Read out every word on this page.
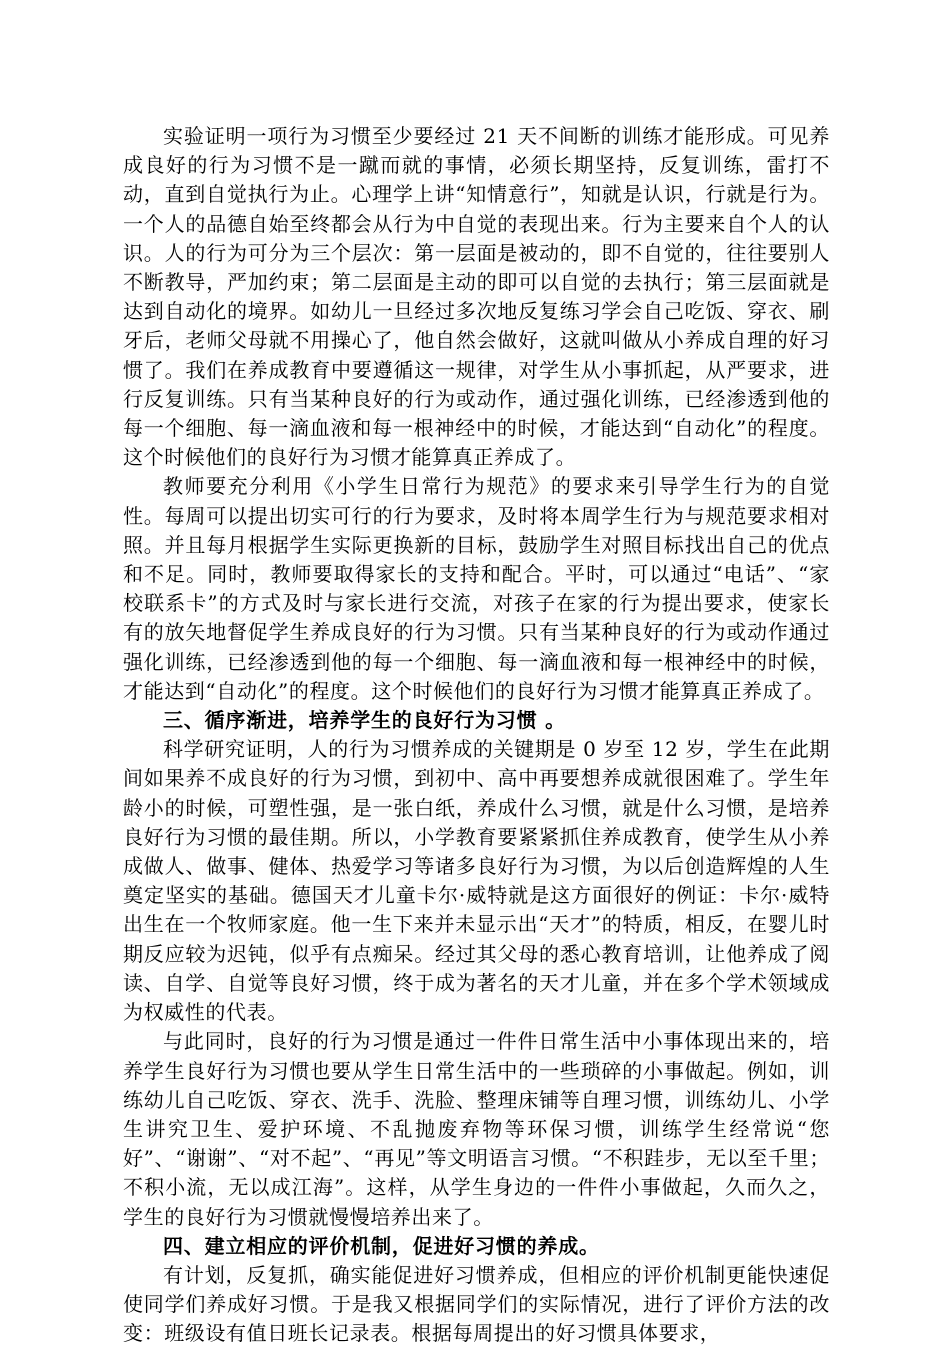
实验证明一项行为习惯至少要经过 21 天不间断的训练才能形成。可见养成良好的行为习惯不是一蹴而就的事情，必须长期坚持，反复训练，雷打不动，直到自觉执行为止。心理学上讲“知情意行”，知就是认识，行就是行为。一个人的品德自始至终都会从行为中自觉的表现出来。行为主要来自个人的认识。人的行为可分为三个层次：第一层面是被动的，即不自觉的，往往要别人不断教导，严加约束；第二层面是主动的即可以自觉的去执行；第三层面就是达到自动化的境界。如幼儿一旦经过多次地反复练习学会自己吃饭、穿衣、刷牙后，老师父母就不用操心了，他自然会做好，这就叫做从小养成自理的好习惯了。我们在养成教育中要遵循这一规律，对学生从小事抓起，从严要求，进行反复训练。只有当某种良好的行为或动作，通过强化训练，已经渗透到他的每一个细胞、每一滴血液和每一根神经中的时候，才能达到“自动化”的程度。这个时候他们的良好行为习惯才能算真正养成了。

教师要充分利用《小学生日常行为规范》的要求来引导学生行为的自觉性。每周可以提出切实可行的行为要求，及时将本周学生行为与规范要求相对照。并且每月根据学生实际更换新的目标，鼓励学生对照目标找出自己的优点和不足。同时，教师要取得家长的支持和配合。平时，可以通过“电话”、“家校联系卡”的方式及时与家长进行交流，对孩子在家的行为提出要求，使家长有的放矢地督促学生养成良好的行为习惯。只有当某种良好的行为或动作通过强化训练，已经渗透到他的每一个细胞、每一滴血液和每一根神经中的时候，才能达到“自动化”的程度。这个时候他们的良好行为习惯才能算真正养成了。

三、循序渐进，培养学生的良好行为习惯 。

科学研究证明，人的行为习惯养成的关键期是 0 岁至 12 岁，学生在此期间如果养不成良好的行为习惯，到初中、高中再要想养成就很困难了。学生年龄小的时候，可塑性强，是一张白纸，养成什么习惯，就是什么习惯，是培养良好行为习惯的最佳期。所以，小学教育要紧紧抓住养成教育，使学生从小养成做人、做事、健体、热爱学习等诸多良好行为习惯，为以后创造辉煌的人生奠定坚实的基础。德国天才儿童卡尔·威特就是这方面很好的例证：卡尔·威特出生在一个牧师家庭。他一生下来并未显示出“天才”的特质，相反，在婴儿时期反应较为迟钝，似乎有点痴呆。经过其父母的悉心教育培训，让他养成了阅读、自学、自觉等良好习惯，终于成为著名的天才儿童，并在多个学术领域成为权威性的代表。

与此同时，良好的行为习惯是通过一件件日常生活中小事体现出来的，培养学生良好行为习惯也要从学生日常生活中的一些琐碎的小事做起。例如，训练幼儿自己吃饭、穿衣、洗手、洗脸、整理床铺等自理习惯，训练幼儿、小学生讲究卫生、爱护环境、不乱抛废弃物等环保习惯，训练学生经常说“您好”、“谢谢”、“对不起”、“再见”等文明语言习惯。“不积跬步，无以至千里；不积小流，无以成江海”。这样，从学生身边的一件件小事做起，久而久之，学生的良好行为习惯就慢慢培养出来了。

四、建立相应的评价机制，促进好习惯的养成。

有计划，反复抓，确实能促进好习惯养成，但相应的评价机制更能快速促使同学们养成好习惯。于是我又根据同学们的实际情况，进行了评价方法的改变：班级设有值日班长记录表。根据每周提出的好习惯具体要求，
